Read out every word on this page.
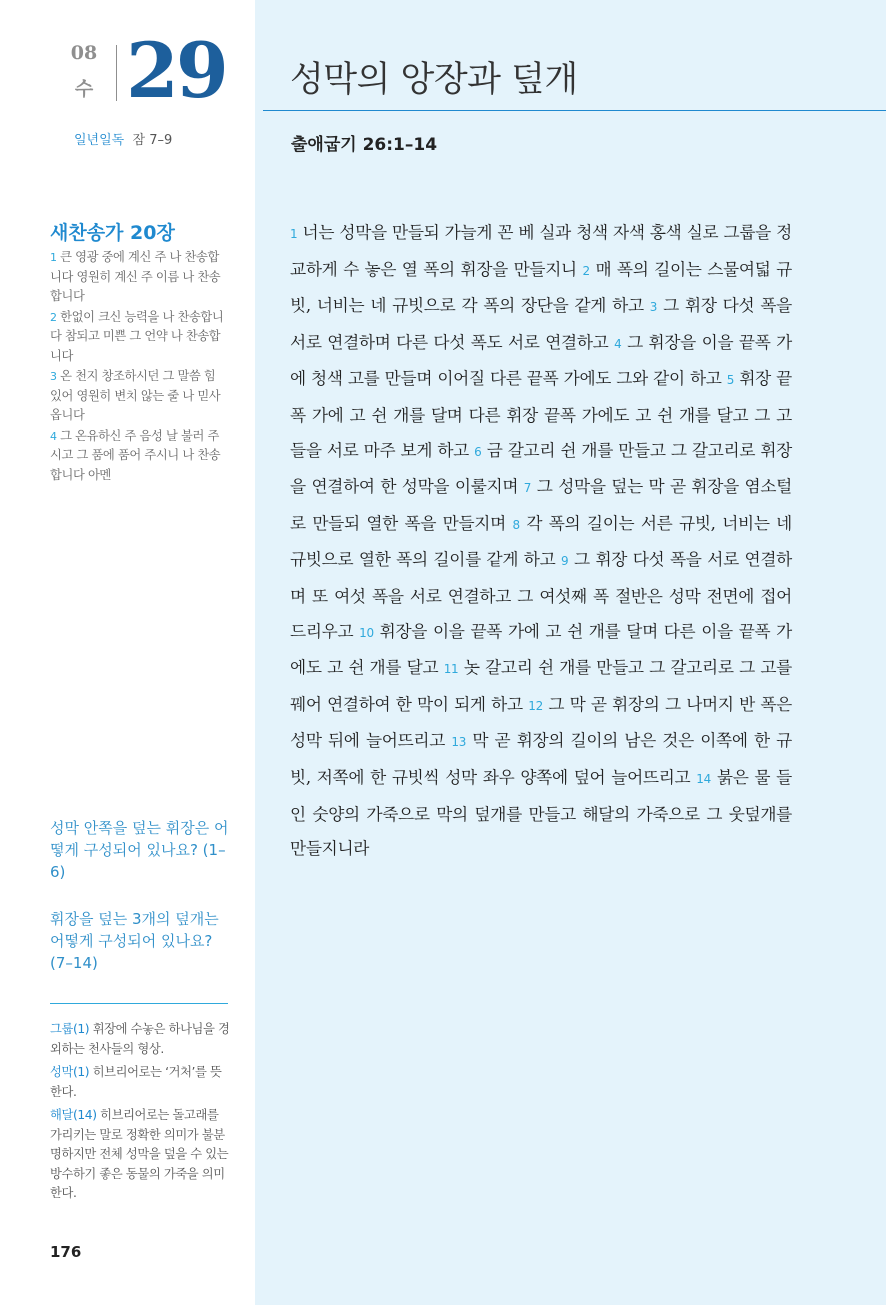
08
수 29
일년일독 잠 7–9
새찬송가 20장

1 큰 영광 중에 계신 주 나 찬송합니다 영원히 계신 주 이름 나 찬송합니다

2 한없이 크신 능력을 나 찬송합니다 참되고 미쁜 그 언약 나 찬송합니다

3 온 천지 창조하시던 그 말씀 힘 있어 영원히 변치 않는 줄 나 믿사옵니다

4 그 온유하신 주 음성 날 불러 주시고 그 품에 품어 주시니 나 찬송합니다 아멘

성막 안쪽을 덮는 휘장은 어떻게 구성되어 있나요? (1–6)
휘장을 덮는 3개의 덮개는 어떻게 구성되어 있나요? (7–14)

그룹(1) 휘장에 수놓은 하나님을 경외하는 천사들의 형상.

성막(1) 히브리어로는 ‘거처’를 뜻한다.

해달(14) 히브리어로는 돌고래를 가리키는 말로 정확한 의미가 불분명하지만 전체 성막을 덮을 수 있는 방수하기 좋은 동물의 가죽을 의미한다.

176
성막의 앙장과 덮개
출애굽기 26:1–14
1 너는 성막을 만들되 가늘게 꼰 베 실과 청색 자색 홍색 실로 그룹을 정교하게 수 놓은 열 폭의 휘장을 만들지니 2 매 폭의 길이는 스물여덟 규빗, 너비는 네 규빗으로 각 폭의 장단을 같게 하고 3 그 휘장 다섯 폭을 서로 연결하며 다른 다섯 폭도 서로 연결하고 4 그 휘장을 이을 끝폭 가에 청색 고를 만들며 이어질 다른 끝폭 가에도 그와 같이 하고 5 휘장 끝폭 가에 고 쉰 개를 달며 다른 휘장 끝폭 가에도 고 쉰 개를 달고 그 고들을 서로 마주 보게 하고 6 금 갈고리 쉰 개를 만들고 그 갈고리로 휘장을 연결하여 한 성막을 이룰지며 7 그 성막을 덮는 막 곧 휘장을 염소털로 만들되 열한 폭을 만들지며 8 각 폭의 길이는 서른 규빗, 너비는 네 규빗으로 열한 폭의 길이를 같게 하고 9 그 휘장 다섯 폭을 서로 연결하며 또 여섯 폭을 서로 연결하고 그 여섯째 폭 절반은 성막 전면에 접어 드리우고 10 휘장을 이을 끝폭 가에 고 쉰 개를 달며 다른 이을 끝폭 가에도 고 쉰 개를 달고 11 놋 갈고리 쉰 개를 만들고 그 갈고리로 그 고를 꿰어 연결하여 한 막이 되게 하고 12 그 막 곧 휘장의 그 나머지 반 폭은 성막 뒤에 늘어뜨리고 13 막 곧 휘장의 길이의 남은 것은 이쪽에 한 규빗, 저쪽에 한 규빗씩 성막 좌우 양쪽에 덮어 늘어뜨리고 14 붉은 물 들인 숫양의 가죽으로 막의 덮개를 만들고 해달의 가죽으로 그 웃덮개를 만들지니라
